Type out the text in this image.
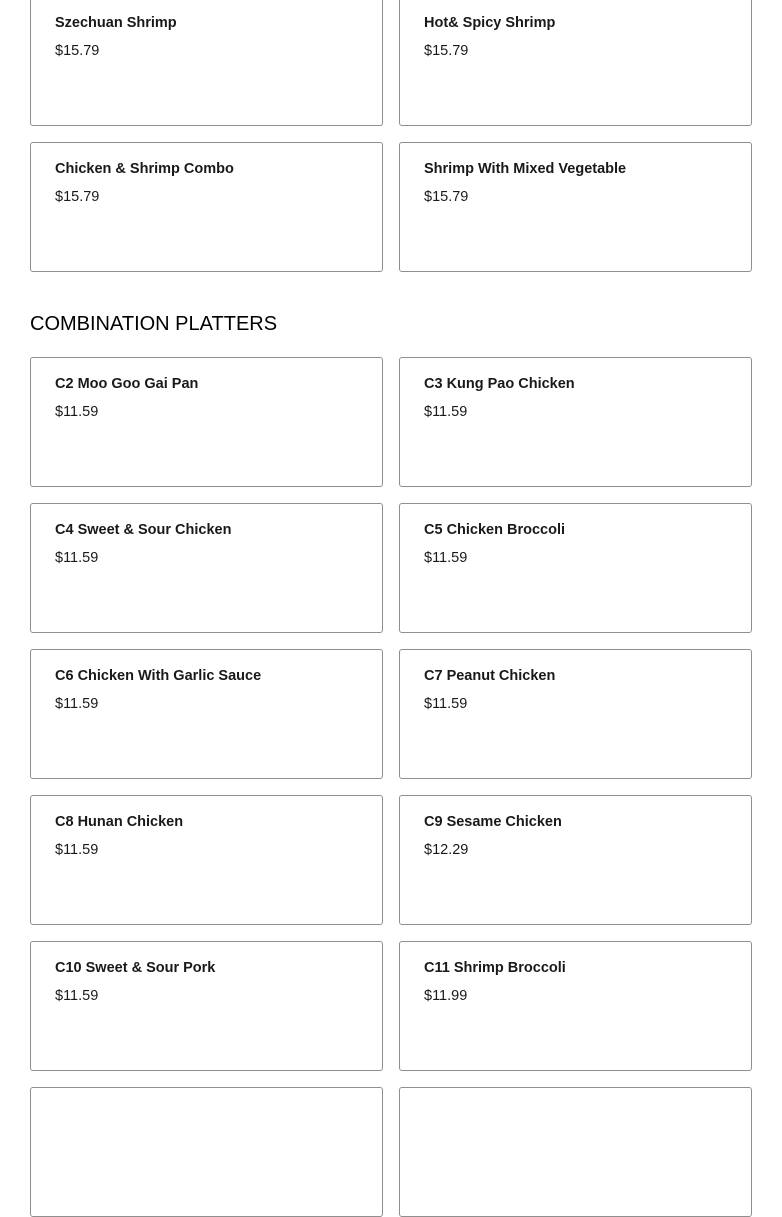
Szechuan Shrimp
$15.79
Hot& Spicy Shrimp
$15.79
Chicken & Shrimp Combo
$15.79
Shrimp With Mixed Vegetable
$15.79
COMBINATION PLATTERS
C2 Moo Goo Gai Pan
$11.59
C3 Kung Pao Chicken
$11.59
C4 Sweet & Sour Chicken
$11.59
C5 Chicken Broccoli
$11.59
C6 Chicken With Garlic Sauce
$11.59
C7 Peanut Chicken
$11.59
C8 Hunan Chicken
$11.59
C9 Sesame Chicken
$12.29
C10 Sweet & Sour Pork
$11.59
C11 Shrimp Broccoli
$11.99
